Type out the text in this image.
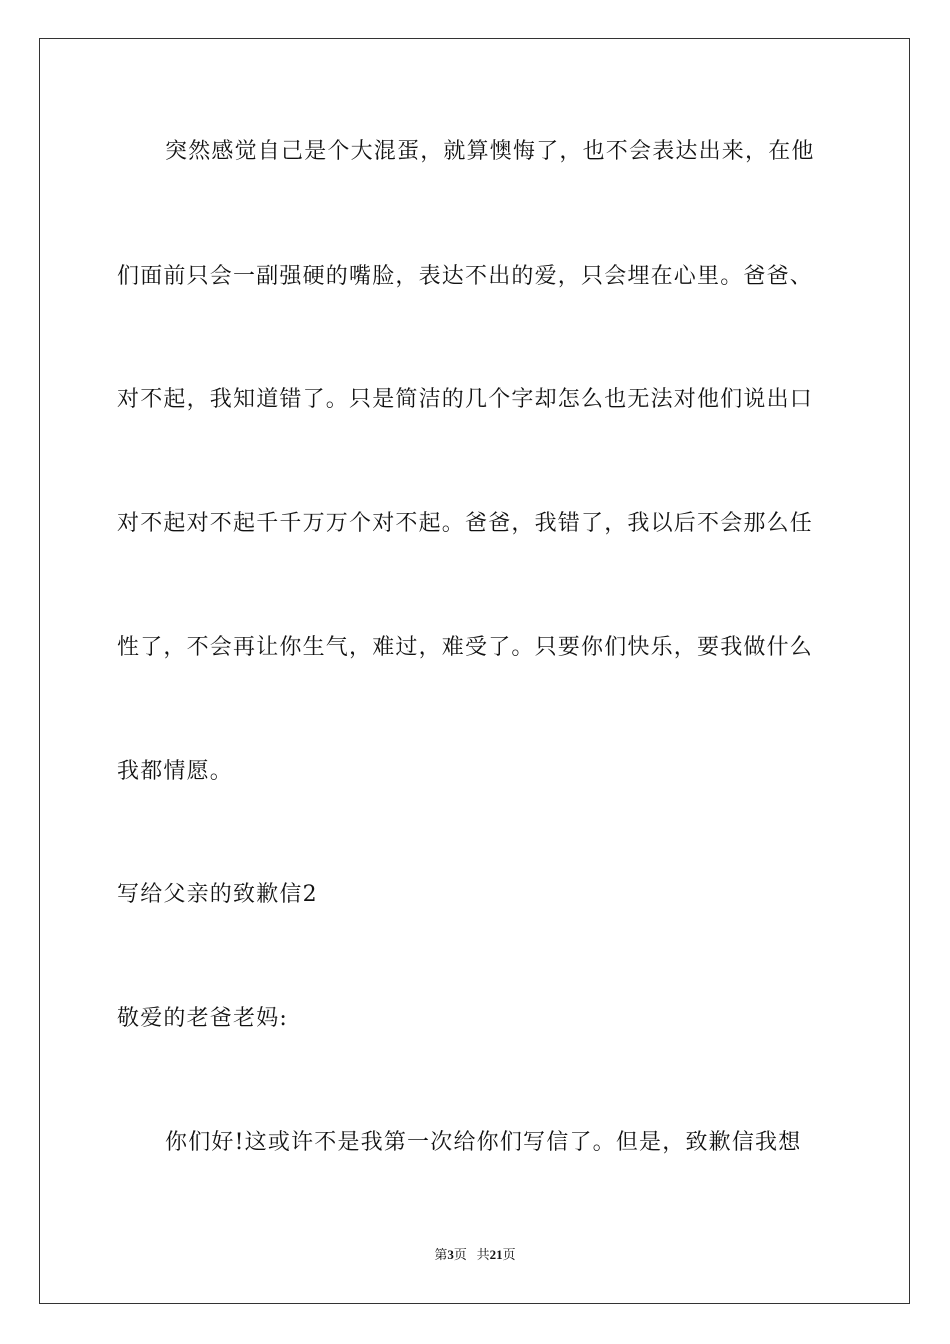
突然感觉自己是个大混蛋，就算懊悔了，也不会表达出来，在他
们面前只会一副强硬的嘴脸，表达不出的爱，只会埋在心里。爸爸、
对不起，我知道错了。只是简洁的几个字却怎么也无法对他们说出口
对不起对不起千千万万个对不起。爸爸，我错了，我以后不会那么任
性了，不会再让你生气，难过，难受了。只要你们快乐，要我做什么
我都情愿。
写给父亲的致歉信2
敬爱的老爸老妈:
你们好!这或许不是我第一次给你们写信了。但是，致歉信我想
第3页 共21页
